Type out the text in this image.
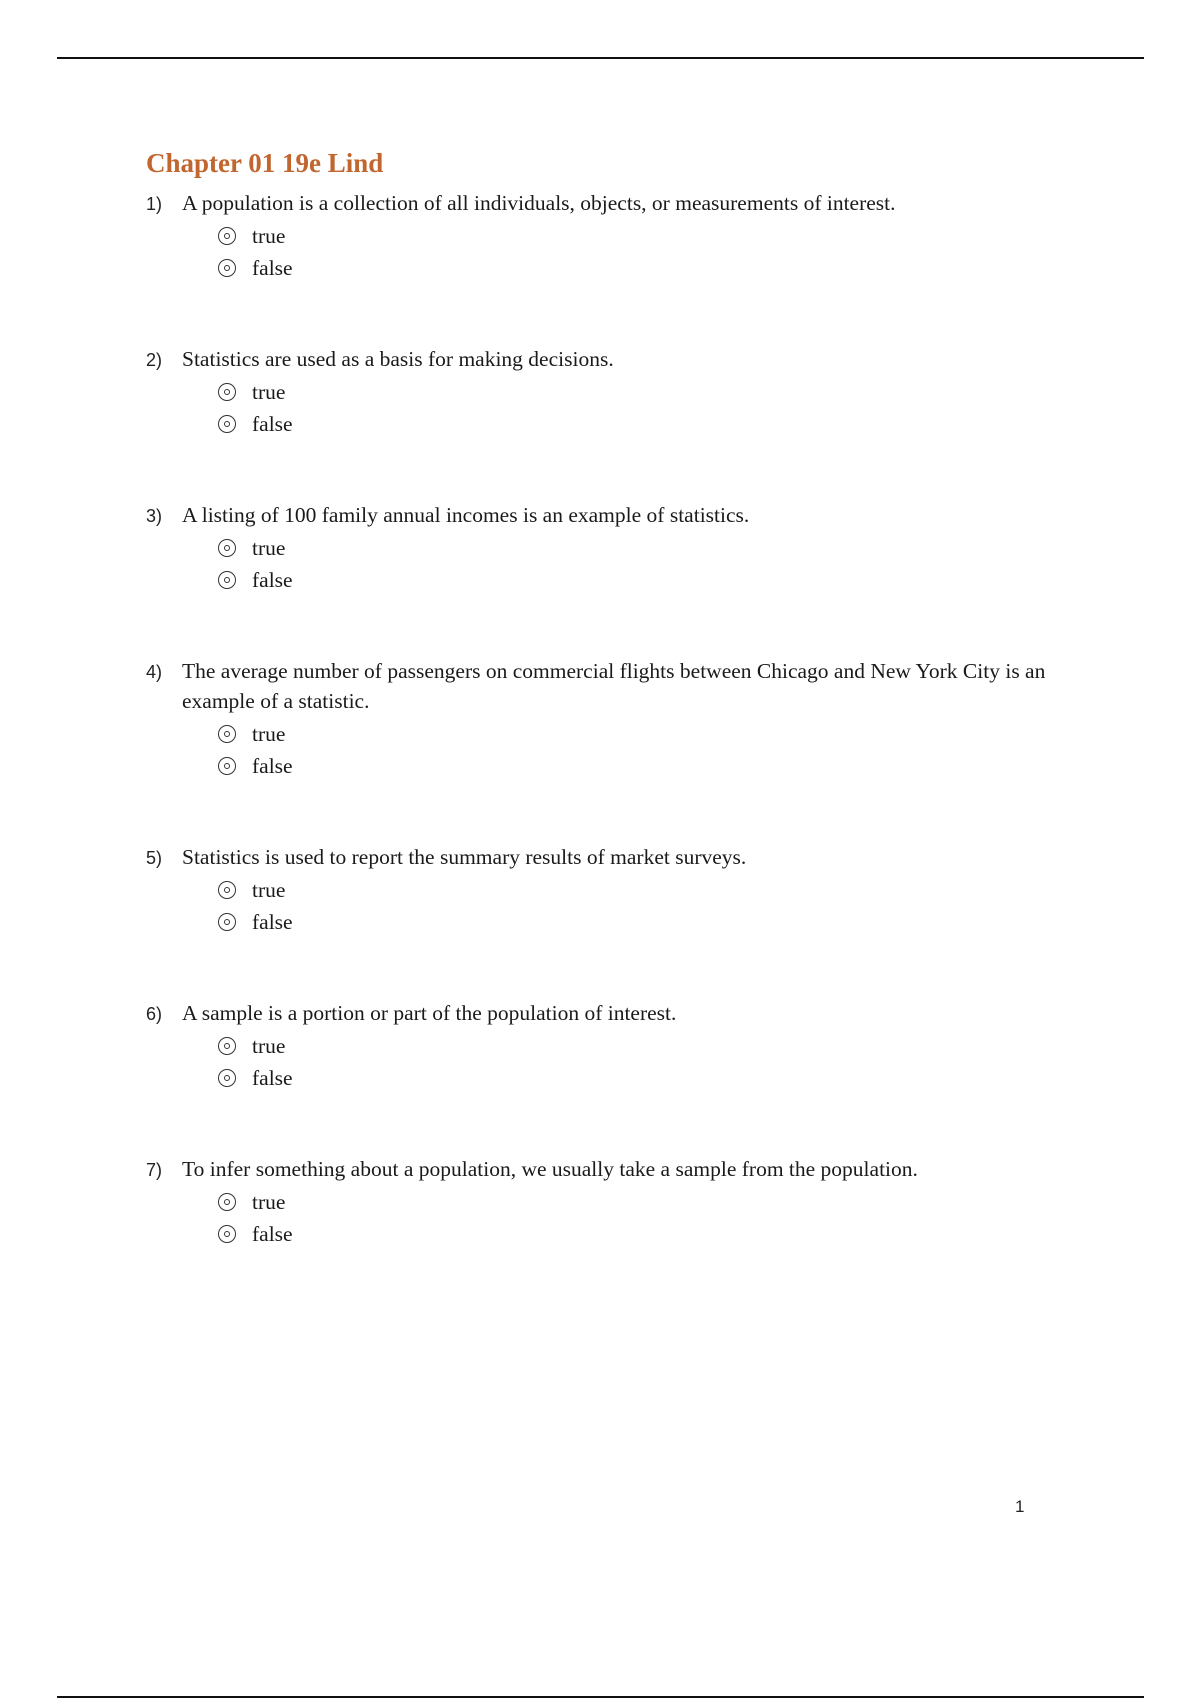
Chapter 01 19e Lind
1) A population is a collection of all individuals, objects, or measurements of interest.
true
false
2) Statistics are used as a basis for making decisions.
true
false
3) A listing of 100 family annual incomes is an example of statistics.
true
false
4) The average number of passengers on commercial flights between Chicago and New York City is an example of a statistic.
true
false
5) Statistics is used to report the summary results of market surveys.
true
false
6) A sample is a portion or part of the population of interest.
true
false
7) To infer something about a population, we usually take a sample from the population.
true
false
1
